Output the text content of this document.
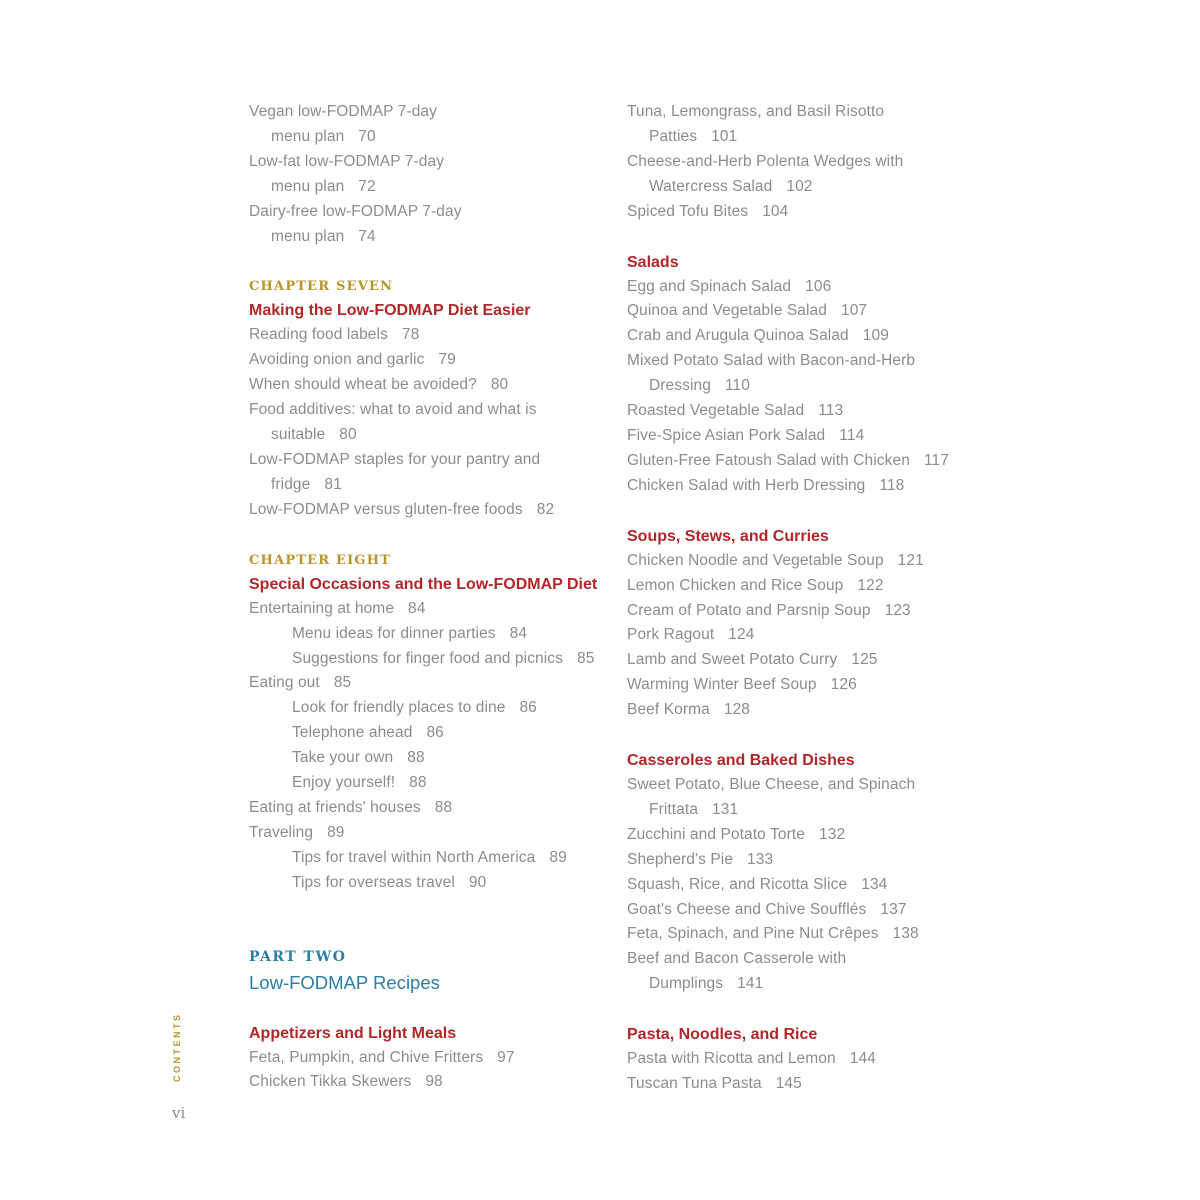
Vegan low-FODMAP 7-day
menu plan 70
Low-fat low-FODMAP 7-day
menu plan 72
Dairy-free low-FODMAP 7-day
menu plan 74
CHAPTER SEVEN
Making the Low-FODMAP Diet Easier
Reading food labels 78
Avoiding onion and garlic 79
When should wheat be avoided? 80
Food additives: what to avoid and what is
suitable 80
Low-FODMAP staples for your pantry and
fridge 81
Low-FODMAP versus gluten-free foods 82
CHAPTER EIGHT
Special Occasions and the Low-FODMAP Diet
Entertaining at home 84
Menu ideas for dinner parties 84
Suggestions for finger food and picnics 85
Eating out 85
Look for friendly places to dine 86
Telephone ahead 86
Take your own 88
Enjoy yourself! 88
Eating at friends' houses 88
Traveling 89
Tips for travel within North America 89
Tips for overseas travel 90
PART TWO
Low-FODMAP Recipes
Appetizers and Light Meals
Feta, Pumpkin, and Chive Fritters 97
Chicken Tikka Skewers 98
Tuna, Lemongrass, and Basil Risotto
Patties 101
Cheese-and-Herb Polenta Wedges with
Watercress Salad 102
Spiced Tofu Bites 104
Salads
Egg and Spinach Salad 106
Quinoa and Vegetable Salad 107
Crab and Arugula Quinoa Salad 109
Mixed Potato Salad with Bacon-and-Herb
Dressing 110
Roasted Vegetable Salad 113
Five-Spice Asian Pork Salad 114
Gluten-Free Fatoush Salad with Chicken 117
Chicken Salad with Herb Dressing 118
Soups, Stews, and Curries
Chicken Noodle and Vegetable Soup 121
Lemon Chicken and Rice Soup 122
Cream of Potato and Parsnip Soup 123
Pork Ragout 124
Lamb and Sweet Potato Curry 125
Warming Winter Beef Soup 126
Beef Korma 128
Casseroles and Baked Dishes
Sweet Potato, Blue Cheese, and Spinach
Frittata 131
Zucchini and Potato Torte 132
Shepherd's Pie 133
Squash, Rice, and Ricotta Slice 134
Goat's Cheese and Chive Soufflés 137
Feta, Spinach, and Pine Nut Crêpes 138
Beef and Bacon Casserole with
Dumplings 141
Pasta, Noodles, and Rice
Pasta with Ricotta and Lemon 144
Tuscan Tuna Pasta 145
CONTENTS
vi
